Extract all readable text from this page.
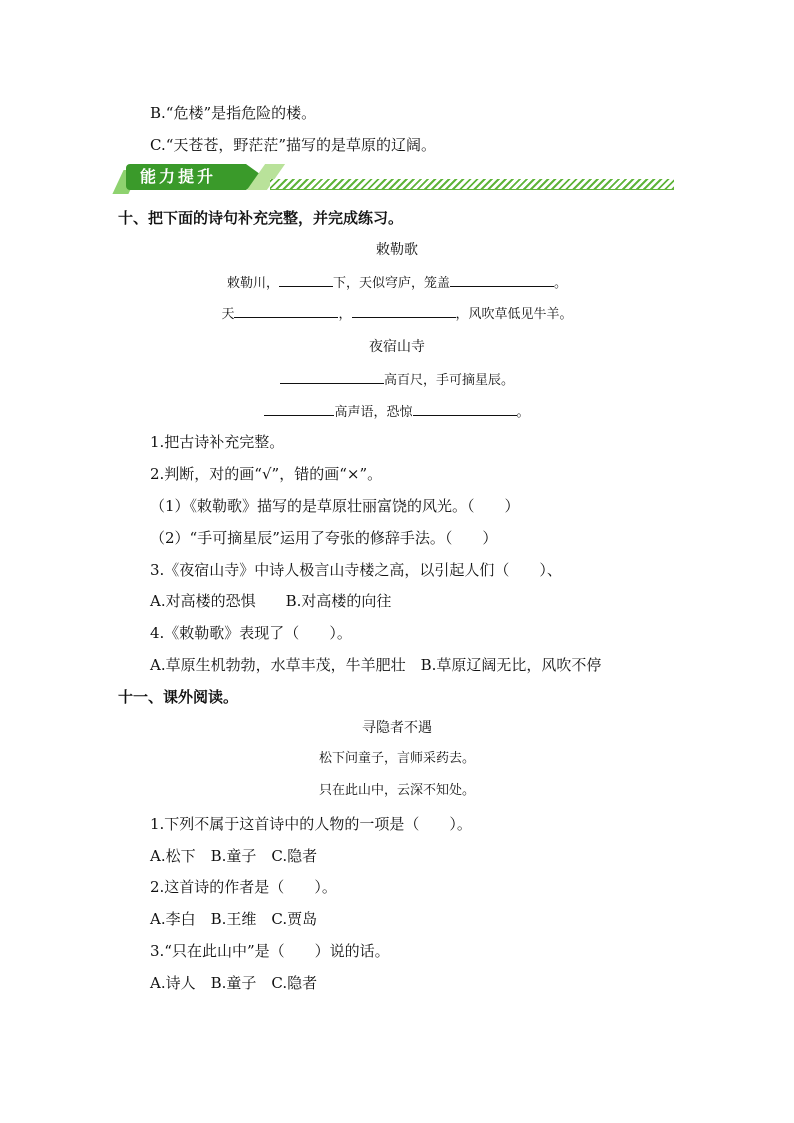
B.“危楼”是指危险的楼。
C.“天苍苍，野茫茫”描写的是草原的辽阔。
能力提升
十、把下面的诗句补充完整，并完成练习。
敕勒歌
敕勒川，	下，天似穹庐，笼盖	。
天	，	，风吹草低见牛羊。
夜宿山寺
高百尺，手可摘星辰。
高声语，恐惊	。
1.把古诗补充完整。
2.判断，对的画“√”，错的画“×”。
（1）《敕勒歌》描写的是草原壮丽富饶的风光。（　　）
（2）“手可摘星辰”运用了夸张的修辞手法。（　　）
3.《夜宿山寺》中诗人极言山寺楼之高，以引起人们（　　）、
A.对高楼的恐惧　　B.对高楼的向往
4.《敕勒歌》表现了（　　）。
A.草原生机勃勃，水草丰茂，牛羊肥壮　B.草原辽阔无比，风吹不停
十一、课外阅读。
寻隐者不遇
松下问童子，言师采药去。
只在此山中，云深不知处。
1.下列不属于这首诗中的人物的一项是（　　）。
A.松下　B.童子　C.隐者
2.这首诗的作者是（　　）。
A.李白　B.王维　C.贾岛
3.“只在此山中”是（　　）说的话。
A.诗人　B.童子　C.隐者
